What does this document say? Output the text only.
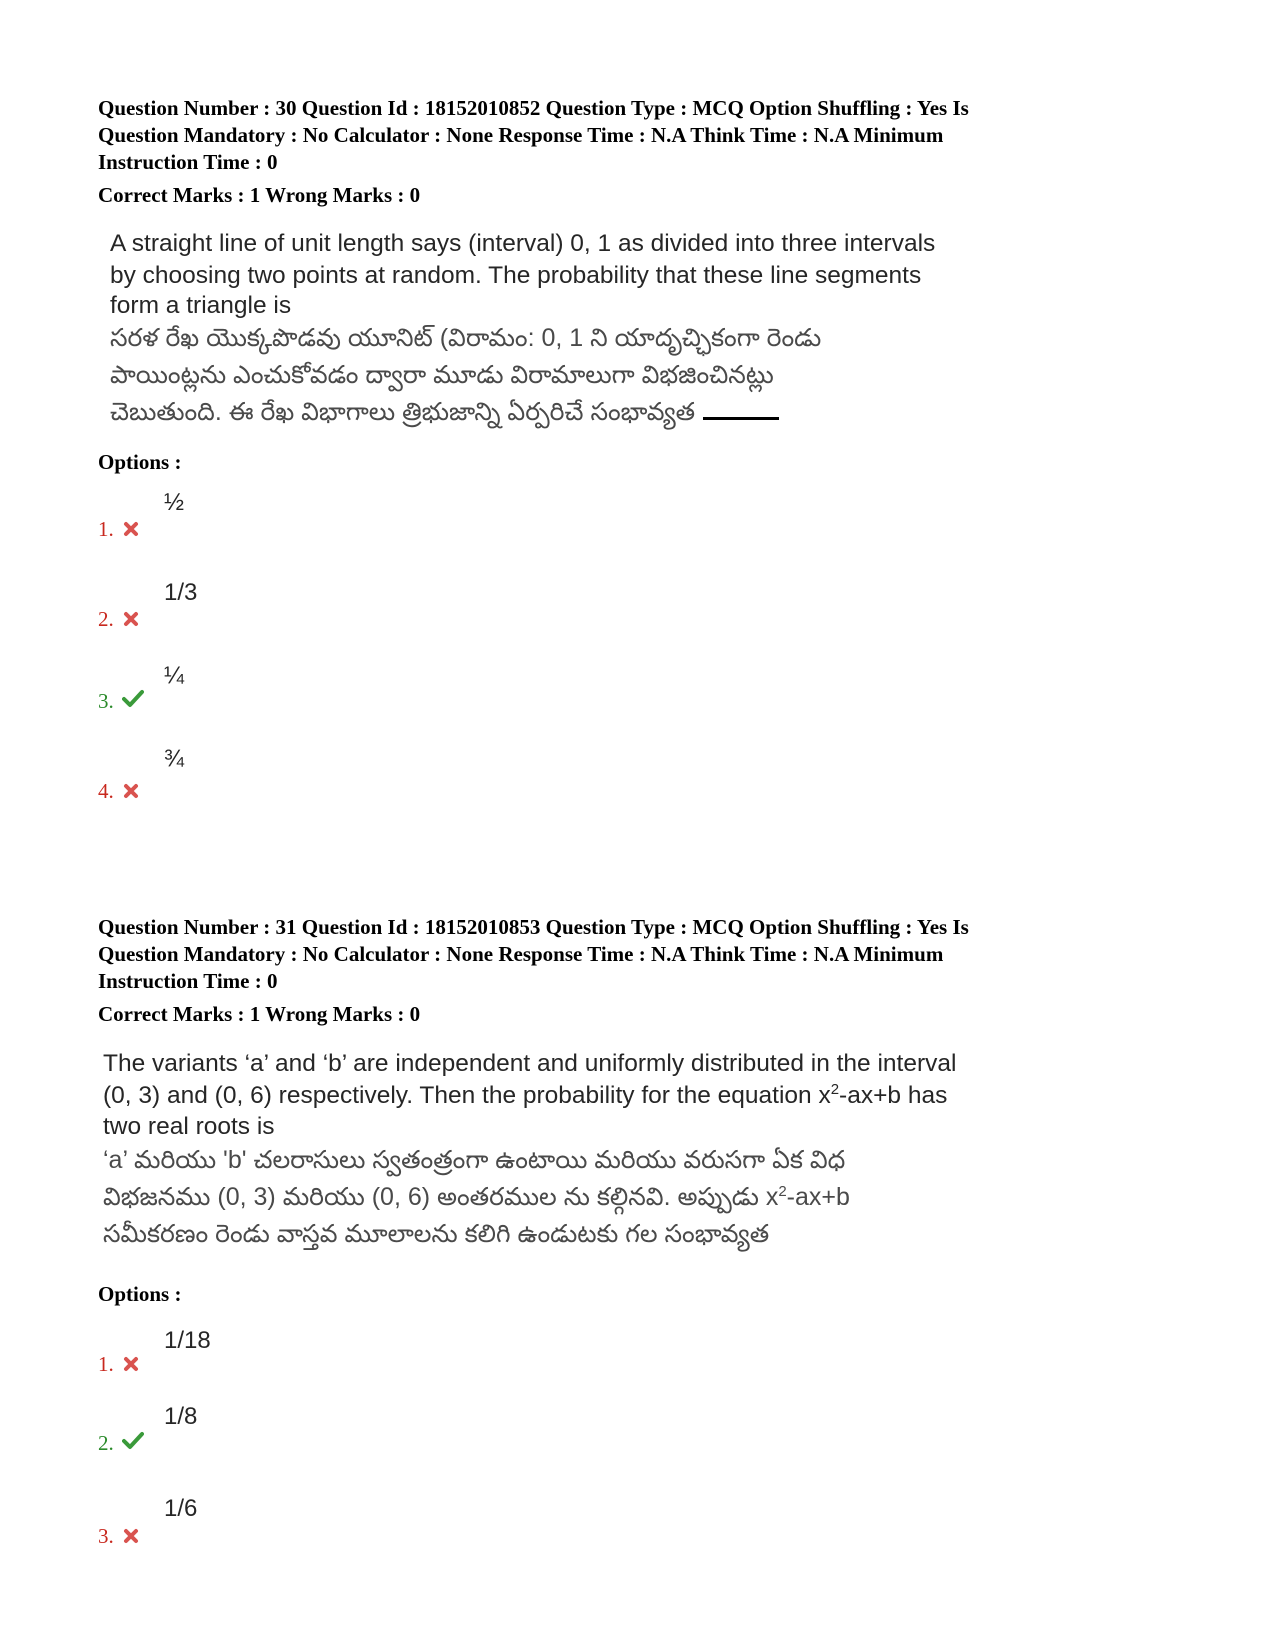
Question Number : 30 Question Id : 18152010852 Question Type : MCQ Option Shuffling : Yes Is

Question Mandatory : No Calculator : None Response Time : N.A Think Time : N.A Minimum

Instruction Time : 0

Correct Marks : 1 Wrong Marks : 0
A straight line of unit length says (interval) 0, 1 as divided into three intervals
by choosing two points at random. The probability that these line segments
form a triangle is
సరళ రేఖ యొక్కపొడవు యూనిట్ (విరామం: 0, 1 ని యాదృచ్ఛికంగా రెండు
పాయింట్లను ఎంచుకోవడం ద్వారా మూడు విరామాలుగా విభజించినట్లు
చెబుతుంది. ఈ రేఖ విభాగాలు త్రిభుజాన్ని ఏర్పరిచే సంభావ్యత
Options :
1.
½
2.
1/3
3.
¼
4.
¾

Question Number : 31 Question Id : 18152010853 Question Type : MCQ Option Shuffling : Yes Is

Question Mandatory : No Calculator : None Response Time : N.A Think Time : N.A Minimum

Instruction Time : 0

Correct Marks : 1 Wrong Marks : 0
The variants ‘a’ and ‘b’ are independent and uniformly distributed in the interval
(0, 3) and (0, 6) respectively. Then the probability for the equation $x^2-ax+b$ has
two real roots is
‘a’ మరియు 'b' చలరాసులు స్వతంత్రంగా ఉంటాయి మరియు వరుసగా ఏక విధ
విభజనము (0, 3) మరియు (0, 6) అంతరముల ను కల్గినవి. అప్పుడు $x^2-ax+b$
సమీకరణం రెండు వాస్తవ మూలాలను కలిగి ఉండుటకు గల సంభావ్యత
Options :
1.
1/18
2.
1/8
3.
1/6
